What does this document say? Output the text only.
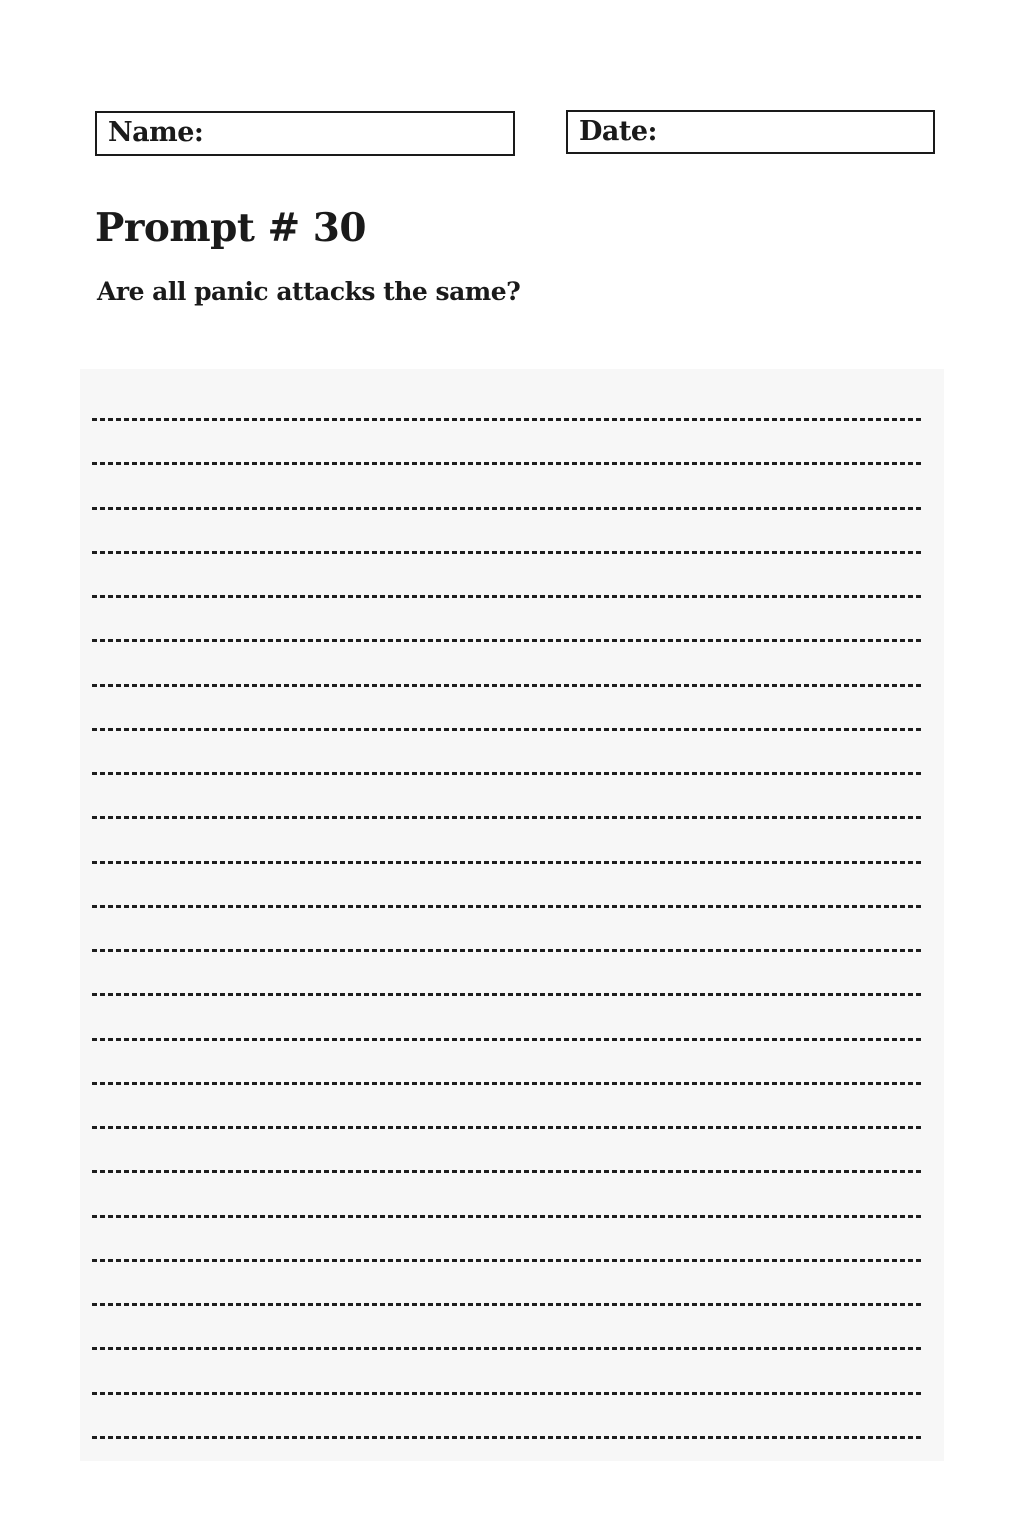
Name:	Date:
Prompt # 30
Are all panic attacks the same?
